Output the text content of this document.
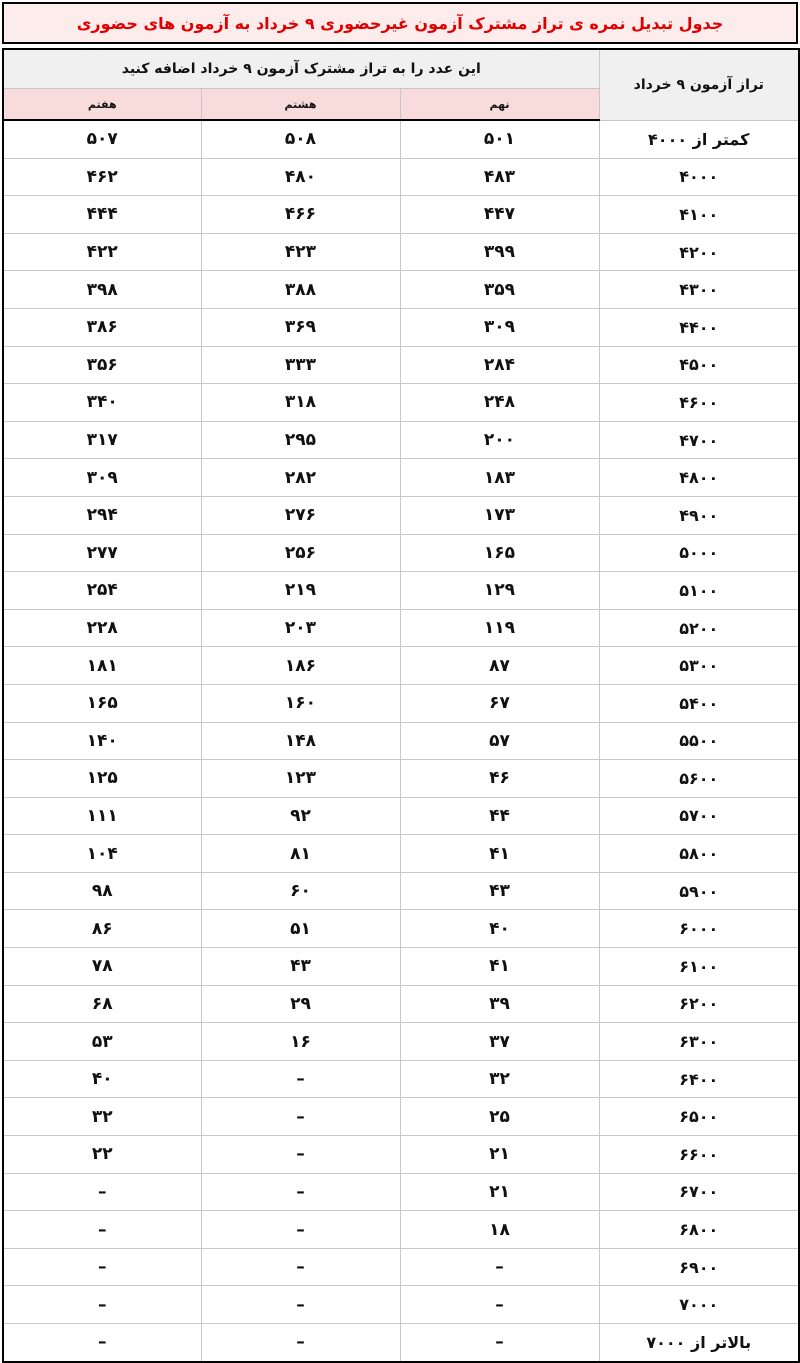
جدول تبدیل نمره ی تراز مشترک آزمون غیرحضوری ۹ خرداد به آزمون های حضوری
تراز آزمون ۹ خرداد	این عدد را به تراز مشترک آزمون ۹ خرداد اضافه کنید		
	نهم	هشتم	هفتم
کمتر از ۴۰۰۰	۵۰۱	۵۰۸	۵۰۷
۴۰۰۰	۴۸۳	۴۸۰	۴۶۲
۴۱۰۰	۴۴۷	۴۶۶	۴۴۴
۴۲۰۰	۳۹۹	۴۲۳	۴۲۲
۴۳۰۰	۳۵۹	۳۸۸	۳۹۸
۴۴۰۰	۳۰۹	۳۶۹	۳۸۶
۴۵۰۰	۲۸۴	۳۳۳	۳۵۶
۴۶۰۰	۲۴۸	۳۱۸	۳۴۰
۴۷۰۰	۲۰۰	۲۹۵	۳۱۷
۴۸۰۰	۱۸۳	۲۸۲	۳۰۹
۴۹۰۰	۱۷۳	۲۷۶	۲۹۴
۵۰۰۰	۱۶۵	۲۵۶	۲۷۷
۵۱۰۰	۱۲۹	۲۱۹	۲۵۴
۵۲۰۰	۱۱۹	۲۰۳	۲۲۸
۵۳۰۰	۸۷	۱۸۶	۱۸۱
۵۴۰۰	۶۷	۱۶۰	۱۶۵
۵۵۰۰	۵۷	۱۴۸	۱۴۰
۵۶۰۰	۴۶	۱۲۳	۱۲۵
۵۷۰۰	۴۴	۹۲	۱۱۱
۵۸۰۰	۴۱	۸۱	۱۰۴
۵۹۰۰	۴۳	۶۰	۹۸
۶۰۰۰	۴۰	۵۱	۸۶
۶۱۰۰	۴۱	۴۳	۷۸
۶۲۰۰	۳۹	۲۹	۶۸
۶۳۰۰	۳۷	۱۶	۵۳
۶۴۰۰	۳۲	–	۴۰
۶۵۰۰	۲۵	–	۳۲
۶۶۰۰	۲۱	–	۲۲
۶۷۰۰	۲۱	–	–
۶۸۰۰	۱۸	–	–
۶۹۰۰	–	–	–
۷۰۰۰	–	–	–
بالاتر از ۷۰۰۰	–	–	–
